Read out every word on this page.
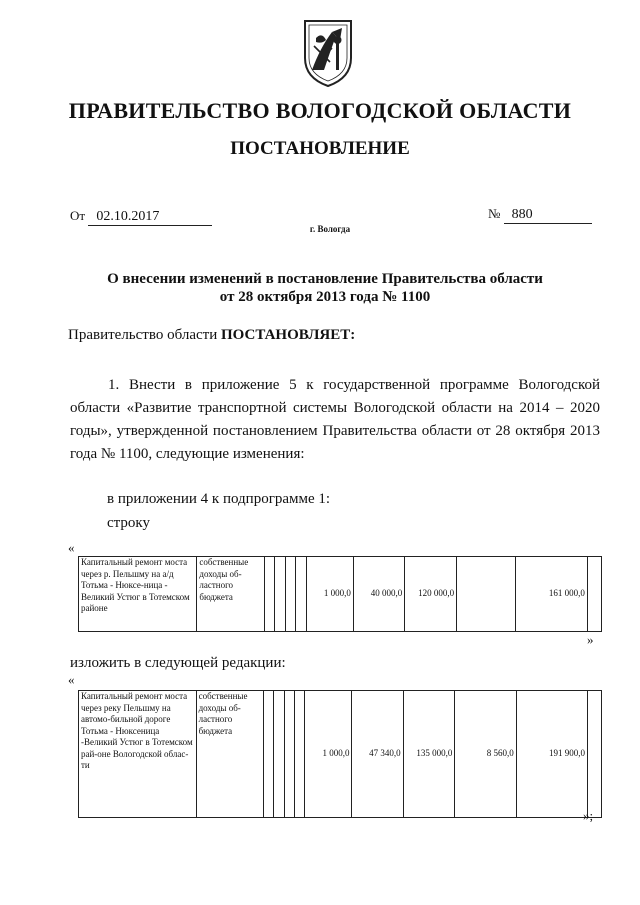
ПРАВИТЕЛЬСТВО ВОЛОГОДСКОЙ ОБЛАСТИ
ПОСТАНОВЛЕНИЕ
От 02.10.2017	№ 880
г. Вологда
О внесении изменений в постановление Правительства области
от 28 октября 2013 года № 1100
Правительство области ПОСТАНОВЛЯЕТ:
1. Внести в приложение 5 к государственной программе Вологодской области «Развитие транспортной системы Вологодской области на 2014 – 2020 годы», утвержденной постановлением Правительства области от 28 октября 2013 года № 1100, следующие изменения:
в приложении 4 к подпрограмме 1:
строку
«
Капитальный ремонт моста через р. Пельшму на а/д Тотьма - Нюксе-ница - Великий Устюг в Тотемском районе	собственные доходы об-ластного бюджета					1 000,0	40 000,0	120 000,0		161 000,0	
»
изложить в следующей редакции:
«
Капитальный ремонт моста через реку Пельшму на автомо-бильной дороге Тотьма - Нюксеница -Великий Устюг в Тотемском рай-оне Вологодской облас-ти	собственные доходы об-ластного бюджета					1 000,0	47 340,0	135 000,0	8 560,0	191 900,0	
»;
